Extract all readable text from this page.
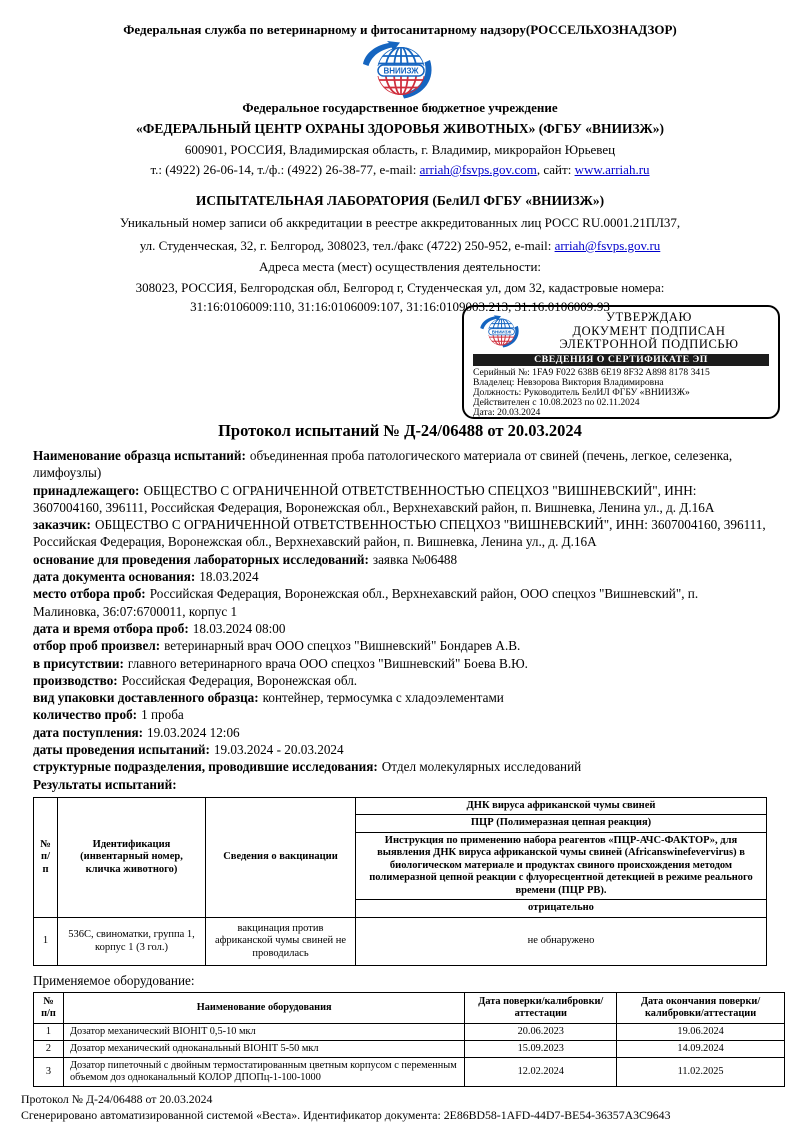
Федеральная служба по ветеринарному и фитосанитарному надзору(РОССЕЛЬХОЗНАДЗОР)
Федеральное государственное бюджетное учреждение
«ФЕДЕРАЛЬНЫЙ ЦЕНТР ОХРАНЫ ЗДОРОВЬЯ ЖИВОТНЫХ» (ФГБУ «ВНИИЗЖ»)
600901, РОССИЯ, Владимирская область, г. Владимир, микрорайон Юрьевец
т.: (4922) 26-06-14, т./ф.: (4922) 26-38-77, e-mail: arriah@fsvps.gov.com, сайт: www.arriah.ru
ИСПЫТАТЕЛЬНАЯ ЛАБОРАТОРИЯ (БелИЛ ФГБУ «ВНИИЗЖ»)
Уникальный номер записи об аккредитации в реестре аккредитованных лиц РОСС RU.0001.21ПЛ37,
ул. Студенческая, 32, г. Белгород, 308023, тел./факс (4722) 250-952, e-mail: arriah@fsvps.gov.ru
Адреса места (мест) осуществления деятельности:
308023, РОССИЯ, Белгородская обл, Белгород г, Студенческая ул, дом 32, кадастровые номера:
31:16:0106009:110, 31:16:0106009:107, 31:16:0109003:213, 31:16:0106009:93
УТВЕРЖДАЮ
ДОКУМЕНТ ПОДПИСАН
ЭЛЕКТРОННОЙ ПОДПИСЬЮ
СВЕДЕНИЯ О СЕРТИФИКАТЕ ЭП
Серийный №: 1FA9 F022 638B 6E19 8F32 A898 8178 3415
Владелец: Невзорова Виктория Владимировна
Должность: Руководитель БелИЛ ФГБУ «ВНИИЗЖ»
Действителен с 10.08.2023 по 02.11.2024
Дата: 20.03.2024
Протокол испытаний № Д-24/06488 от 20.03.2024
Наименование образца испытаний: объединенная проба патологического материала от свиней (печень, легкое, селезенка, лимфоузлы)
принадлежащего: ОБЩЕСТВО С ОГРАНИЧЕННОЙ ОТВЕТСТВЕННОСТЬЮ СПЕЦХОЗ "ВИШНЕВСКИЙ", ИНН: 3607004160, 396111, Российская Федерация, Воронежская обл., Верхнехавский район, п. Вишневка, Ленина ул., д. Д.16А
заказчик: ОБЩЕСТВО С ОГРАНИЧЕННОЙ ОТВЕТСТВЕННОСТЬЮ СПЕЦХОЗ "ВИШНЕВСКИЙ", ИНН: 3607004160, 396111, Российская Федерация, Воронежская обл., Верхнехавский район, п. Вишневка, Ленина ул., д. Д.16А
основание для проведения лабораторных исследований: заявка №06488
дата документа основания: 18.03.2024
место отбора проб: Российская Федерация, Воронежская обл., Верхнехавский район, ООО спецхоз "Вишневский", п. Малиновка, 36:07:6700011, корпус 1
дата и время отбора проб: 18.03.2024 08:00
отбор проб произвел: ветеринарный врач ООО спецхоз "Вишневский" Бондарев А.В.
в присутствии: главного ветеринарного врача ООО спецхоз "Вишневский" Боева В.Ю.
производство: Российская Федерация, Воронежская обл.
вид упаковки доставленного образца: контейнер, термосумка с хладоэлементами
количество проб: 1 проба
дата поступления: 19.03.2024 12:06
даты проведения испытаний: 19.03.2024 - 20.03.2024
структурные подразделения, проводившие исследования: Отдел молекулярных исследований
Результаты испытаний:
№ п/п	Идентификация (инвентарный номер, кличка животного)	Сведения о вакцинации	ДНК вируса африканской чумы свиней
			ПЦР (Полимеразная цепная реакция)
			Инструкция по применению набора реагентов «ПЦР-АЧС-ФАКТОР», для выявления ДНК вируса африканской чумы свиней (Africanswinefevervirus) в биологическом материале и продуктах свиного происхождения методом полимеразной цепной реакции с флуоресцентной детекцией в режиме реального времени (ПЦР РВ).
			отрицательно
1	536С, свиноматки, группа 1, корпус 1 (3 гол.)	вакцинация против африканской чумы свиней не проводилась	не обнаружено
Применяемое оборудование:
№ п/п	Наименование оборудования	Дата поверки/калибровки/аттестации	Дата окончания поверки/калибровки/аттестации
1	Дозатор механический BIOHIT 0,5-10 мкл	20.06.2023	19.06.2024
2	Дозатор механический одноканальный BIOHIT 5-50 мкл	15.09.2023	14.09.2024
3	Дозатор пипеточный с двойным термостатированным цветным корпусом с переменным объемом доз одноканальный КОЛОР ДПОПц-1-100-1000	12.02.2024	11.02.2025
Протокол № Д-24/06488 от 20.03.2024
Сгенерировано автоматизированной системой «Веста». Идентификатор документа: 2E86BD58-1AFD-44D7-BE54-36357A3C9643
